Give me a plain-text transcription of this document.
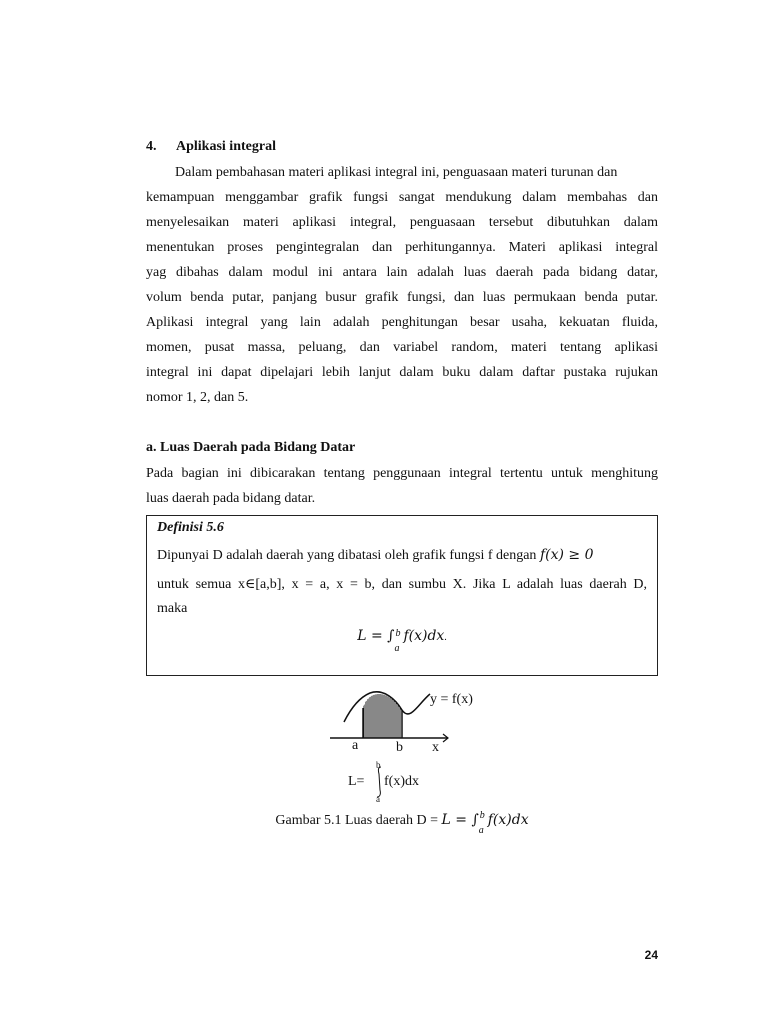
4. Aplikasi integral
Dalam pembahasan materi aplikasi integral ini, penguasaan materi turunan dan
kemampuan menggambar grafik fungsi sangat mendukung dalam membahas dan
menyelesaikan materi aplikasi integral, penguasaan tersebut dibutuhkan dalam
menentukan proses pengintegralan dan perhitungannya. Materi aplikasi integral
yag dibahas dalam modul ini antara lain adalah luas daerah pada bidang datar,
volum benda putar, panjang busur grafik fungsi, dan luas permukaan benda putar.
Aplikasi integral yang lain adalah penghitungan besar usaha, kekuatan fluida,
momen, pusat massa, peluang, dan variabel random, materi tentang aplikasi
integral ini dapat dipelajari lebih lanjut dalam buku dalam daftar pustaka rujukan
nomor 1, 2, dan 5.
a. Luas Daerah pada Bidang Datar
Pada bagian ini dibicarakan tentang penggunaan integral tertentu untuk menghitung
luas daerah pada bidang datar.
Definisi 5.6
Dipunyai D adalah daerah yang dibatasi oleh grafik fungsi f dengan f(x) ≥ 0
untuk semua x∈[a,b], x = a, x = b, dan sumbu X. Jika L adalah luas daerah D,
maka
L = ∫ b
a
f(x)dx.
y = f(x)
a	b x
L=
b
a
f(x)dx
Gambar 5.1 Luas daerah D = L = ∫ b
a
f(x)dx
24
